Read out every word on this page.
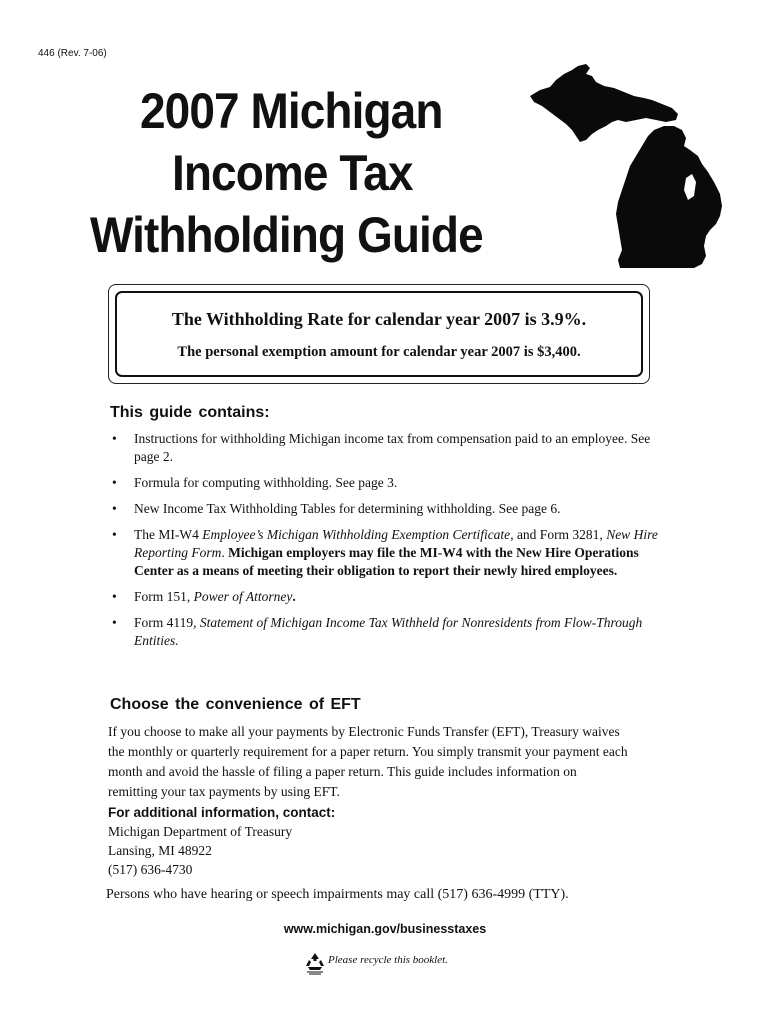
446 (Rev. 7-06)
2007 Michigan
Income Tax
Withholding Guide
The Withholding Rate for calendar year 2007 is 3.9%.
The personal exemption amount for calendar year 2007 is $3,400.
This guide contains:
• Instructions for withholding Michigan income tax from compensation paid to an employee. See page 2.
• Formula for computing withholding. See page 3.
• New Income Tax Withholding Tables for determining withholding. See page 6.
• The MI-W4 Employee’s Michigan Withholding Exemption Certificate, and Form 3281, New Hire Reporting Form. Michigan employers may file the MI-W4 with the New Hire Operations Center as a means of meeting their obligation to report their newly hired employees.
• Form 151, Power of Attorney.
• Form 4119, Statement of Michigan Income Tax Withheld for Nonresidents from Flow-Through Entities.
Choose the convenience of EFT

If you choose to make all your payments by Electronic Funds Transfer (EFT), Treasury waives the monthly or quarterly requirement for a paper return. You simply transmit your payment each month and avoid the hassle of filing a paper return. This guide includes information on remitting your tax payments by using EFT.

For additional information, contact:
Michigan Department of Treasury
Lansing, MI 48922
(517) 636-4730
Persons who have hearing or speech impairments may call (517) 636-4999 (TTY).
www.michigan.gov/businesstaxes
Please recycle this booklet.
